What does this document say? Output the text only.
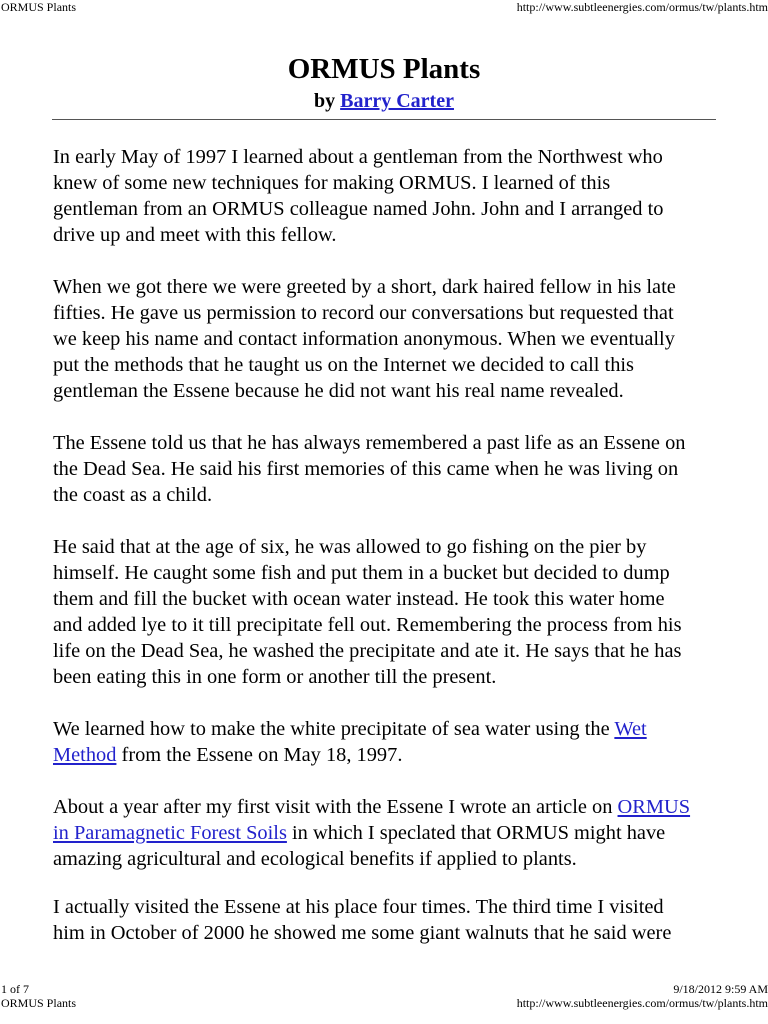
ORMUS Plants	http://www.subtleenergies.com/ormus/tw/plants.htm
ORMUS Plants
by Barry Carter

In early May of 1997 I learned about a gentleman from the Northwest who

knew of some new techniques for making ORMUS. I learned of this

gentleman from an ORMUS colleague named John. John and I arranged to

drive up and meet with this fellow.

When we got there we were greeted by a short, dark haired fellow in his late

fifties. He gave us permission to record our conversations but requested that

we keep his name and contact information anonymous. When we eventually

put the methods that he taught us on the Internet we decided to call this

gentleman the Essene because he did not want his real name revealed.

The Essene told us that he has always remembered a past life as an Essene on

the Dead Sea. He said his first memories of this came when he was living on

the coast as a child.

He said that at the age of six, he was allowed to go fishing on the pier by

himself. He caught some fish and put them in a bucket but decided to dump

them and fill the bucket with ocean water instead. He took this water home

and added lye to it till precipitate fell out. Remembering the process from his

life on the Dead Sea, he washed the precipitate and ate it. He says that he has

been eating this in one form or another till the present.

We learned how to make the white precipitate of sea water using the Wet

Method from the Essene on May 18, 1997.

About a year after my first visit with the Essene I wrote an article on ORMUS

in Paramagnetic Forest Soils in which I speclated that ORMUS might have

amazing agricultural and ecological benefits if applied to plants.

I actually visited the Essene at his place four times. The third time I visited

him in October of 2000 he showed me some giant walnuts that he said were

1 of 7	9/18/2012 9:59 AM
ORMUS Plants	http://www.subtleenergies.com/ormus/tw/plants.htm
